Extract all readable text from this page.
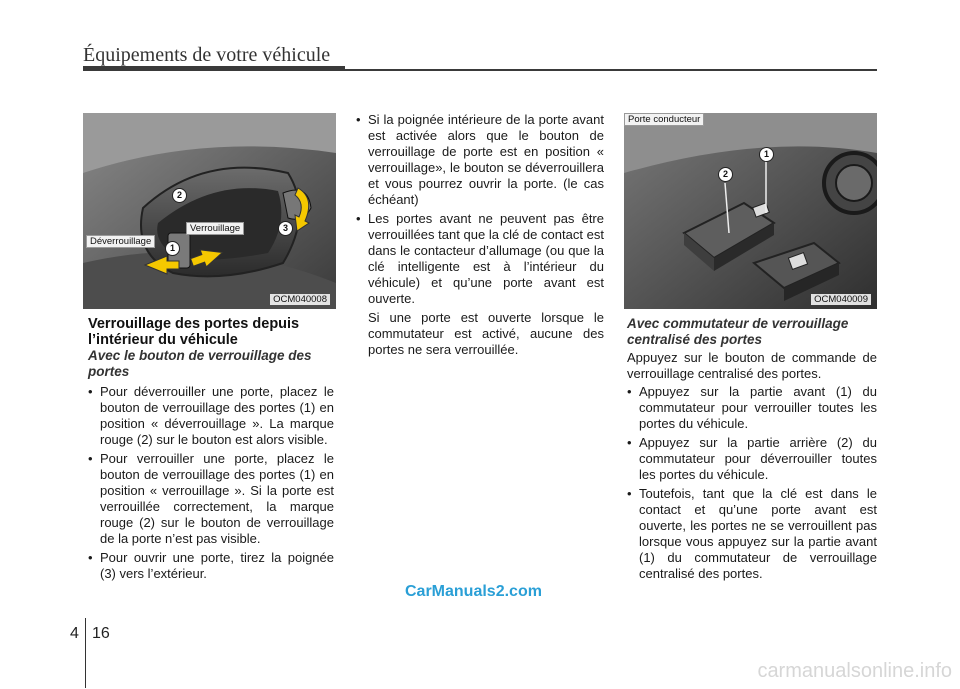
Équipements de votre véhicule
2
1
3
Déverrouillage
Verrouillage
OCM040008
Verrouillage des portes depuis l’intérieur du véhicule
Avec le bouton de verrouillage des portes
• Pour déverrouiller une porte, placez le bouton de verrouillage des portes (1) en position « déverrouillage ». La marque rouge (2) sur le bouton est alors visible.
• Pour verrouiller une porte, placez le bouton de verrouillage des portes (1) en position « verrouillage ». Si la porte est verrouillée correctement, la marque rouge (2) sur le bouton de verrouillage de la porte n’est pas visible.
• Pour ouvrir une porte, tirez la poignée (3) vers l’extérieur.
• Si la poignée intérieure de la porte avant est activée alors que le bouton de verrouillage de porte est en position « verrouillage», le bouton se déverrouillera et vous pourrez ouvrir la porte. (le cas échéant)
• Les portes avant ne peuvent pas être verrouillées tant que la clé de contact est dans le contacteur d’allumage (ou que la clé intelligente est à l’intérieur du véhicule) et qu’une porte avant est ouverte.

Si une porte est ouverte lorsque le commutateur est activé, aucune des portes ne sera verrouillée.

Porte conducteur
1
2
OCM040009
Avec commutateur de verrouillage centralisé des portes

Appuyez sur le bouton de commande de verrouillage centralisé des portes.

• Appuyez sur la partie avant (1) du commutateur pour verrouiller toutes les portes du véhicule.
• Appuyez sur la partie arrière (2) du commutateur pour déverrouiller toutes les portes du véhicule.
• Toutefois, tant que la clé est dans le contact et qu’une porte avant est ouverte, les portes ne se verrouillent pas lorsque vous appuyez sur la partie avant (1) du commutateur de verrouillage centralisé des portes.
CarManuals2.com
4 16
carmanualsonline.info
